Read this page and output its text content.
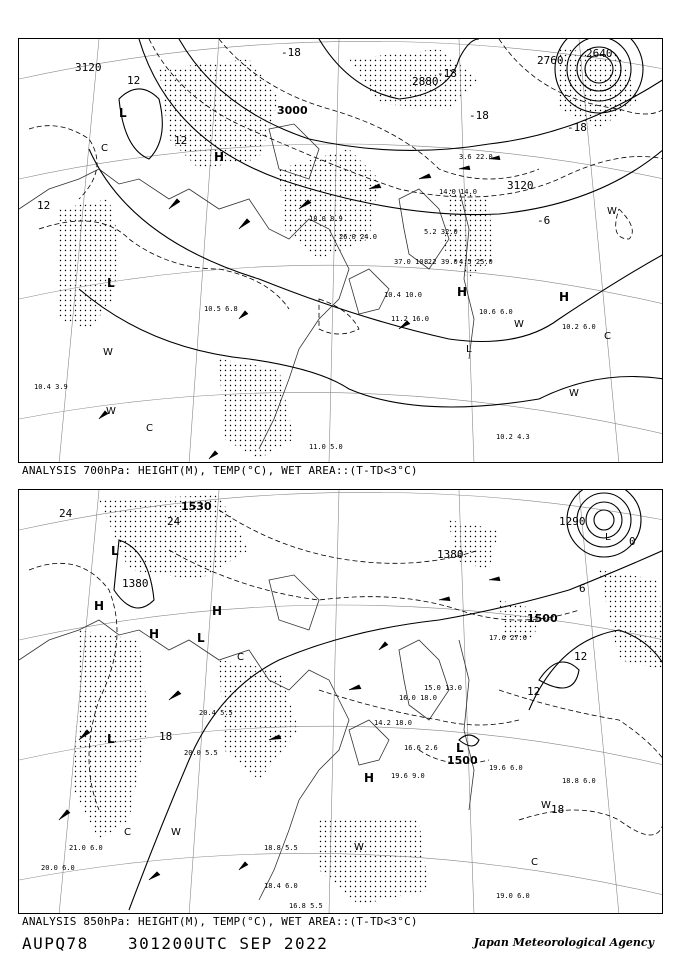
10.2 4.3
10.2 6.0
10.6 6.0
11.2 16.0
10.4 10.0
11.0 5.0
10.4 3.9
10.5 6.8
14.0 14.0
3.6 22.0
5.2 32.0
8.2 39.0 4.5 25.0
37.0 10.2
26.0 24.0
18.0 8.9
3120
3000
2880
2760
2640
3120
12
12
-18
-18
-18
12
-6
-18
L
H
L
H
H
L
W
W
W
W
W
C
C
C
ANALYSIS 700hPa: HEIGHT(M), TEMP(°C), WET AREA::(T-TD<3°C)
19.0 6.0
19.6 6.0
18.8 6.0
19.6 9.0
18.4 6.0
16.8 5.5
16.6 2.6
15.0 13.0
16.0 18.0
14.2 18.0
17.6 27.0
20.0 6.0
21.0 6.0
20.4 5.5
18.8 5.5
20.0 5.5
1530
1380
1380
1500
1500
1290
24
24
18
12
12
18
6
0
L
H
H	L
H
L
H
L
L
W
W
W
C
C
C
ANALYSIS 850hPa: HEIGHT(M), TEMP(°C), WET AREA::(T-TD<3°C)
AUPQ78 301200UTC SEP 2022	Japan Meteorological Agency
